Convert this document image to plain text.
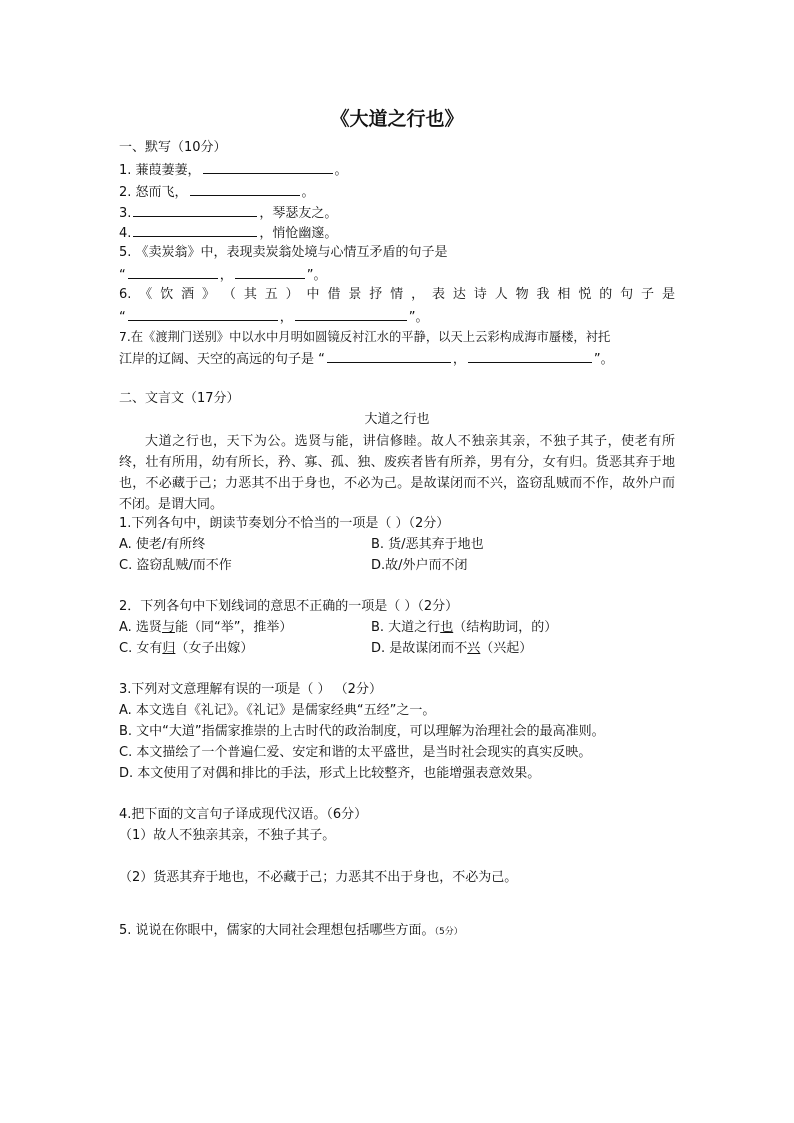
《大道之行也》
一、默写（10分）
1. 蒹葭萋萋，	。
2. 怒而飞，	。
3.	，琴瑟友之。
4.	，悄怆幽邃。
5. 《卖炭翁》中，表现卖炭翁处境与心情互矛盾的句子是
“	，	”。
6. 《 饮 酒 》 （ 其 五 ） 中 借 景 抒 情 ， 表 达 诗 人 物 我 相 悦 的 句 子 是
“	，	”。
7.在《渡荆门送别》中以水中月明如圆镜反衬江水的平静，以天上云彩构成海市蜃楼，衬托
江岸的辽阔、天空的高远的句子是 “	，	”。
二、文言文（17分）
大道之行也
大道之行也，天下为公。选贤与能，讲信修睦。故人不独亲其亲，不独子其子，使老有所终，壮有所用，幼有所长，矜、寡、孤、独、废疾者皆有所养，男有分，女有归。货恶其弃于地也，不必藏于己；力恶其不出于身也，不必为己。是故谋闭而不兴，盗窃乱贼而不作，故外户而不闭。是谓大同。
1.下列各句中，朗读节奏划分不恰当的一项是（ ）（2分）
A. 使老/有所终	B. 货/恶其弃于地也
C. 盗窃乱贼/而不作	D.故/外户而不闭
2．下列各句中下划线词的意思不正确的一项是（ ）（2分）
A. 选贤与能（同“举”，推举）	B. 大道之行也（结构助词，的）
C. 女有归（女子出嫁）	D. 是故谋闭而不兴（兴起）
3.下列对文意理解有误的一项是（ ） （2分）
A. 本文选自《礼记》。《礼记》是儒家经典“五经”之一。
B. 文中“大道”指儒家推崇的上古时代的政治制度，可以理解为治理社会的最高准则。
C. 本文描绘了一个普遍仁爱、安定和谐的太平盛世，是当时社会现实的真实反映。
D. 本文使用了对偶和排比的手法，形式上比较整齐，也能增强表意效果。
4.把下面的文言句子译成现代汉语。（6分）
（1）故人不独亲其亲，不独子其子。
（2）货恶其弃于地也，不必藏于己；力恶其不出于身也，不必为己。
5. 说说在你眼中，儒家的大同社会理想包括哪些方面。（5分）
